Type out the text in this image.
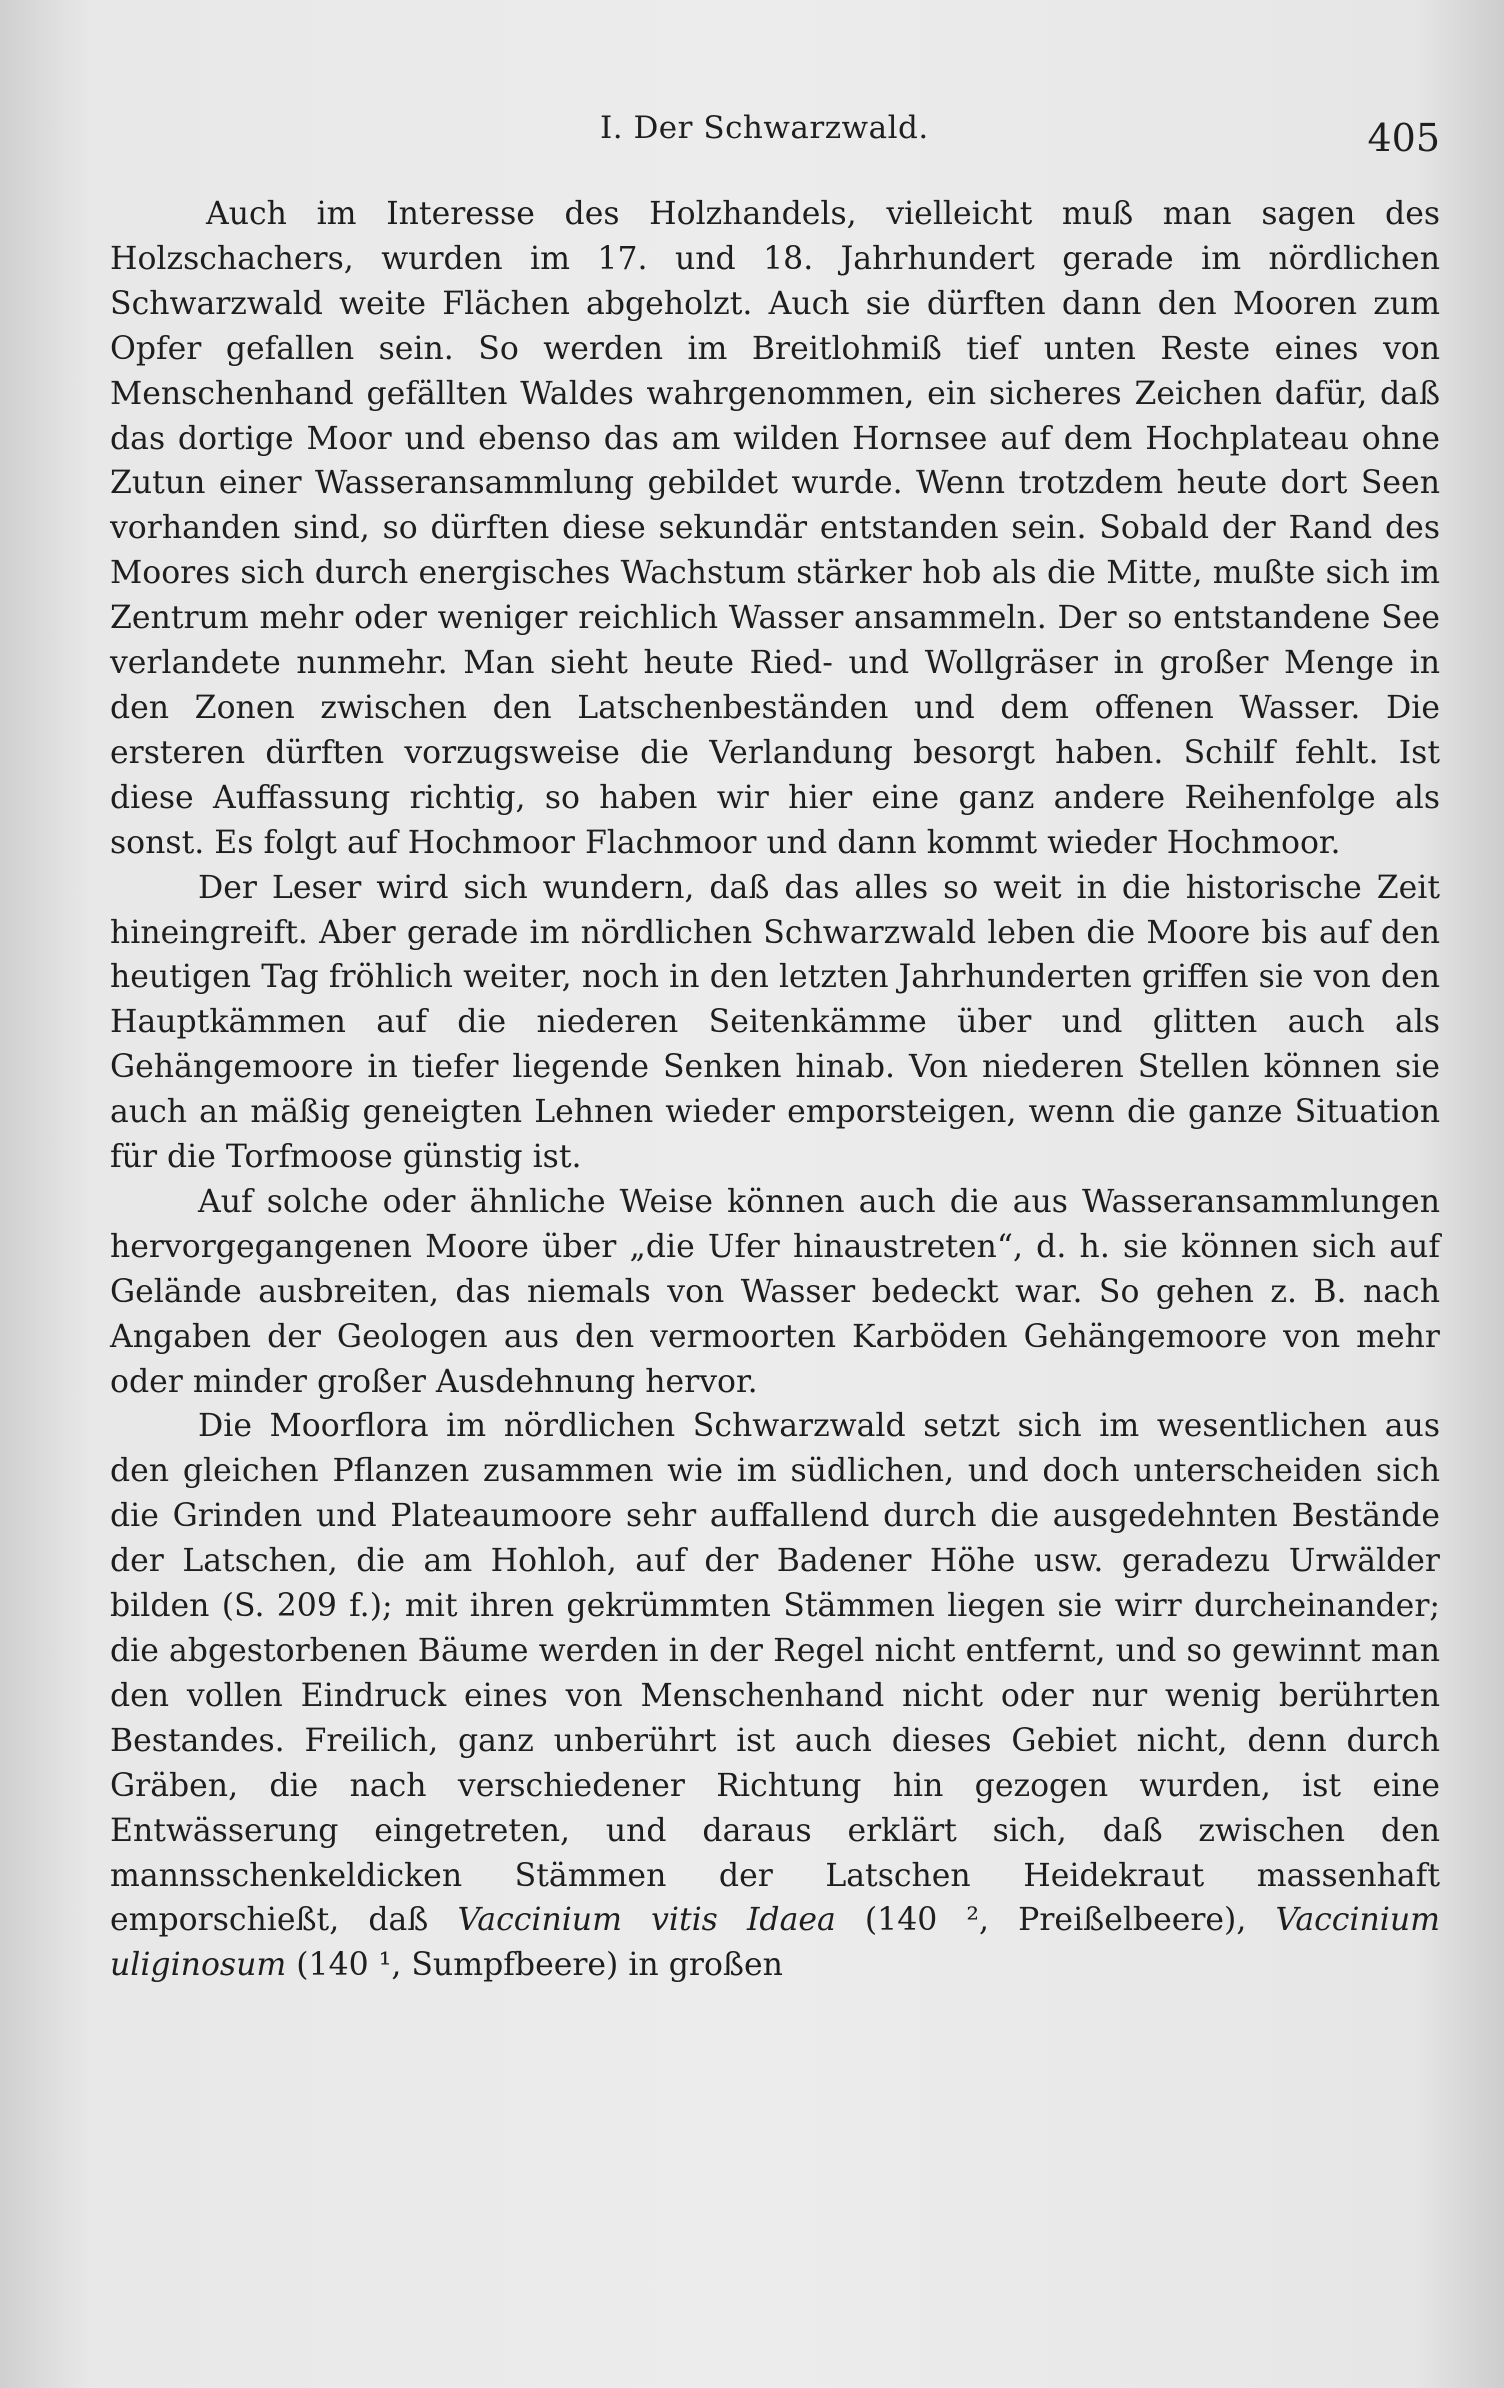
I. Der Schwarzwald.	405

Auch im Interesse des Holzhandels, vielleicht muß man sagen des Holzschachers, wurden im 17. und 18. Jahrhundert gerade im nördlichen Schwarzwald weite Flächen abgeholzt. Auch sie dürften dann den Mooren zum Opfer gefallen sein. So werden im Breitlohmiß tief unten Reste eines von Menschenhand gefällten Waldes wahrgenommen, ein sicheres Zeichen dafür, daß das dortige Moor und ebenso das am wilden Hornsee auf dem Hochplateau ohne Zutun einer Wasseransammlung gebildet wurde. Wenn trotzdem heute dort Seen vorhanden sind, so dürften diese sekundär entstanden sein. Sobald der Rand des Moores sich durch energisches Wachstum stärker hob als die Mitte, mußte sich im Zentrum mehr oder weniger reichlich Wasser ansammeln. Der so entstandene See verlandete nunmehr. Man sieht heute Ried- und Wollgräser in großer Menge in den Zonen zwischen den Latschenbeständen und dem offenen Wasser. Die ersteren dürften vorzugsweise die Verlandung besorgt haben. Schilf fehlt. Ist diese Auffassung richtig, so haben wir hier eine ganz andere Reihenfolge als sonst. Es folgt auf Hochmoor Flachmoor und dann kommt wieder Hochmoor.

Der Leser wird sich wundern, daß das alles so weit in die historische Zeit hineingreift. Aber gerade im nördlichen Schwarzwald leben die Moore bis auf den heutigen Tag fröhlich weiter, noch in den letzten Jahrhunderten griffen sie von den Hauptkämmen auf die niederen Seitenkämme über und glitten auch als Gehängemoore in tiefer liegende Senken hinab. Von niederen Stellen können sie auch an mäßig geneigten Lehnen wieder emporsteigen, wenn die ganze Situation für die Torfmoose günstig ist.

Auf solche oder ähnliche Weise können auch die aus Wasseransammlungen hervorgegangenen Moore über „die Ufer hinaustreten“, d. h. sie können sich auf Gelände ausbreiten, das niemals von Wasser bedeckt war. So gehen z. B. nach Angaben der Geologen aus den vermoorten Karböden Gehängemoore von mehr oder minder großer Ausdehnung hervor.

Die Moorflora im nördlichen Schwarzwald setzt sich im wesentlichen aus den gleichen Pflanzen zusammen wie im südlichen, und doch unterscheiden sich die Grinden und Plateaumoore sehr auffallend durch die ausgedehnten Bestände der Latschen, die am Hohloh, auf der Badener Höhe usw. geradezu Urwälder bilden (S. 209 f.); mit ihren gekrümmten Stämmen liegen sie wirr durcheinander; die abgestorbenen Bäume werden in der Regel nicht entfernt, und so gewinnt man den vollen Eindruck eines von Menschenhand nicht oder nur wenig berührten Bestandes. Freilich, ganz unberührt ist auch dieses Gebiet nicht, denn durch Gräben, die nach verschiedener Richtung hin gezogen wurden, ist eine Entwässerung eingetreten, und daraus erklärt sich, daß zwischen den mannsschenkeldicken Stämmen der Latschen Heidekraut massenhaft emporschießt, daß Vaccinium vitis Idaea (140 ², Preißelbeere), Vaccinium uliginosum (140 ¹, Sumpfbeere) in großen
